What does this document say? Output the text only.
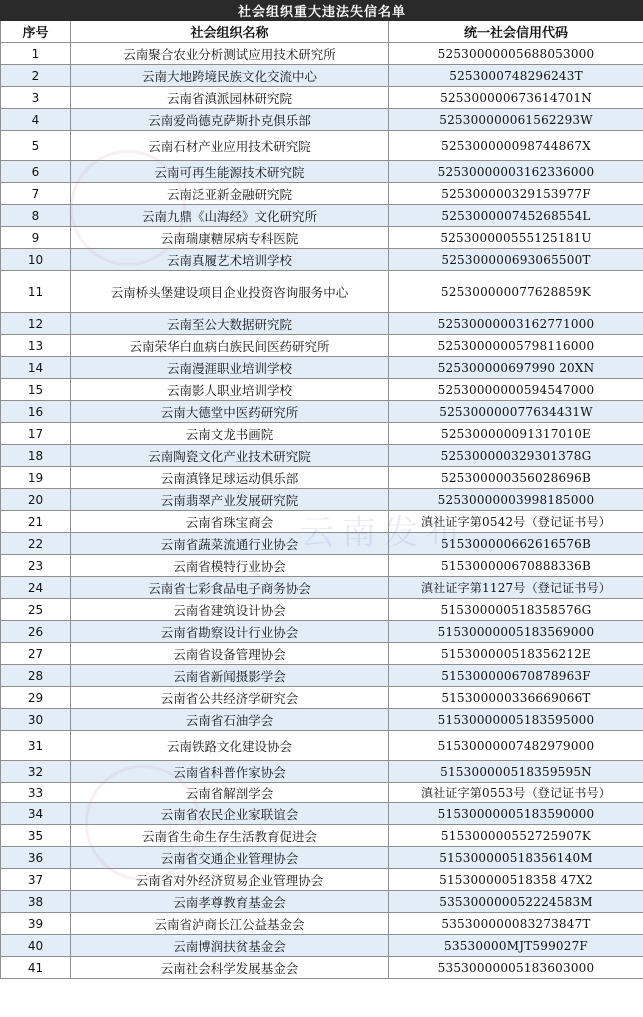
社会组织重大违法失信名单		
序号	社会组织名称	统一社会信用代码
1	云南聚合农业分析测试应用技术研究所	52530000005688053000
2	云南大地跨境民族文化交流中心	5253000748296243T
3	云南省滇派园林研究院	525300000673614701N
4	云南爱尚德克萨斯扑克俱乐部	525300000061562293W
5	云南石材产业应用技术研究院	525300000098744867X
6	云南可再生能源技术研究院	52530000003162336000
7	云南泛亚新金融研究院	525300000329153977F
8	云南九鼎《山海经》文化研究所	525300000745268554L
9	云南瑞康糖尿病专科医院	525300000555125181U
10	云南真履艺术培训学校	525300000693065500T
11	云南桥头堡建设项目企业投资咨询服务中心	525300000077628859K
12	云南至公大数据研究院	52530000003162771000
13	云南荣华白血病白族民间医药研究所	52530000005798116000
14	云南漫涯职业培训学校	525300000697990 20XN
15	云南影人职业培训学校	52530000000594547000
16	云南大德堂中医药研究所	525300000077634431W
17	云南文龙书画院	525300000091317010E
18	云南陶瓷文化产业技术研究院	525300000329301378G
19	云南滇锋足球运动俱乐部	525300000356028696B
20	云南翡翠产业发展研究院	52530000003998185000
21	云南省珠宝商会	滇社证字第0542号（登记证书号）
22	云南省蔬菜流通行业协会	515300000662616576B
23	云南省模特行业协会	515300000670888336B
24	云南省七彩食品电子商务协会	滇社证字第1127号（登记证书号）
25	云南省建筑设计协会	515300000518358576G
26	云南省勘察设计行业协会	51530000005183569000
27	云南省设备管理协会	515300000518356212E
28	云南省新闻摄影学会	515300000670878963F
29	云南省公共经济学研究会	515300000336669066T
30	云南省石油学会	51530000005183595000
31	云南铁路文化建设协会	51530000007482979000
32	云南省科普作家协会	515300000518359595N
33	云南省解剖学会	滇社证字第0553号（登记证书号）
34	云南省农民企业家联谊会	51530000005183590000
35	云南省生命生存生活教育促进会	515300000552725907K
36	云南省交通企业管理协会	515300000518356140M
37	云南省对外经济贸易企业管理协会	515300000518358 47X2
38	云南孝尊教育基金会	535300000052224583M
39	云南省泸商长江公益基金会	535300000083273847T
40	云南博润扶贫基金会	53530000MJT599027F
41	云南社会科学发展基金会	53530000005183603000
